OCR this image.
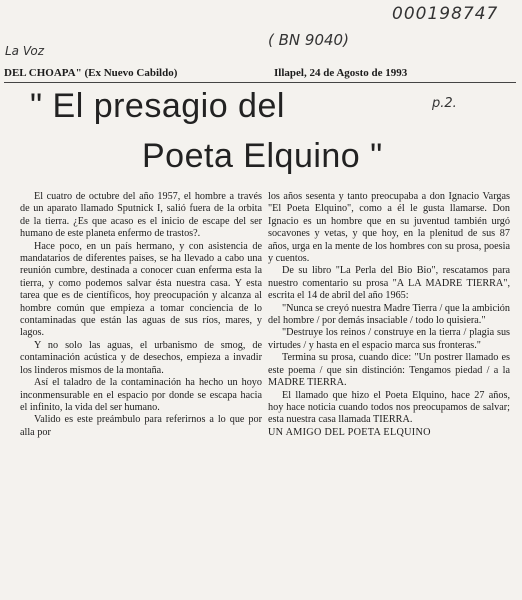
000198747
La Voz
( BN 9040)
p.2.
DEL CHOAPA" (Ex Nuevo Cabildo)	Illapel, 24 de Agosto de 1993
" El presagio del
Poeta Elquino "

El cuatro de octubre del año 1957, el hombre a través de un aparato llamado Sputnick I, salió fuera de la orbita de la tierra. ¿Es que acaso es el inicio de escape del ser humano de este planeta enfermo de trastos?.

Hace poco, en un país hermano, y con asistencia de mandatarios de diferentes paises, se ha llevado a cabo una reunión cumbre, destinada a conocer cuan enferma esta la tierra, y como podemos salvar ésta nuestra casa. Y esta tarea que es de científicos, hoy preocupación y alcanza al hombre común que empieza a tomar conciencia de lo contaminadas que están las aguas de sus ríos, mares, y lagos.

Y no solo las aguas, el urbanismo de smog, de contaminación acústica y de desechos, empieza a invadir los linderos mismos de la montaña.

Así el taladro de la contaminación ha hecho un hoyo inconmensurable en el espacio por donde se escapa hacia el infinito, la vida del ser humano.

Valido es este preámbulo para referirnos a lo que por alla por

los años sesenta y tanto preocupaba a don Ignacio Vargas "El Poeta Elquino", como a él le gusta llamarse. Don Ignacio es un hombre que en su juventud también urgó socavones y vetas, y que hoy, en la plenitud de sus 87 años, urga en la mente de los hombres con su prosa, poesia y cuentos.

De su libro "La Perla del Bio Bio", rescatamos para nuestro comentario su prosa "A LA MADRE TIERRA", escrita el 14 de abril del año 1965:

"Nunca se creyó nuestra Madre Tierra / que la ambición del hombre / por demás insaciable / todo lo quisiera."

"Destruye los reinos / construye en la tierra / plagia sus virtudes / y hasta en el espacio marca sus fronteras."

Termina su prosa, cuando dice: "Un postrer llamado es este poema / que sin distinción: Tengamos piedad / a la MADRE TIERRA.

El llamado que hizo el Poeta Elquino, hace 27 años, hoy hace noticia cuando todos nos preocupamos de salvar; esta nuestra casa llamada TIERRA.

UN AMIGO DEL POETA ELQUINO
